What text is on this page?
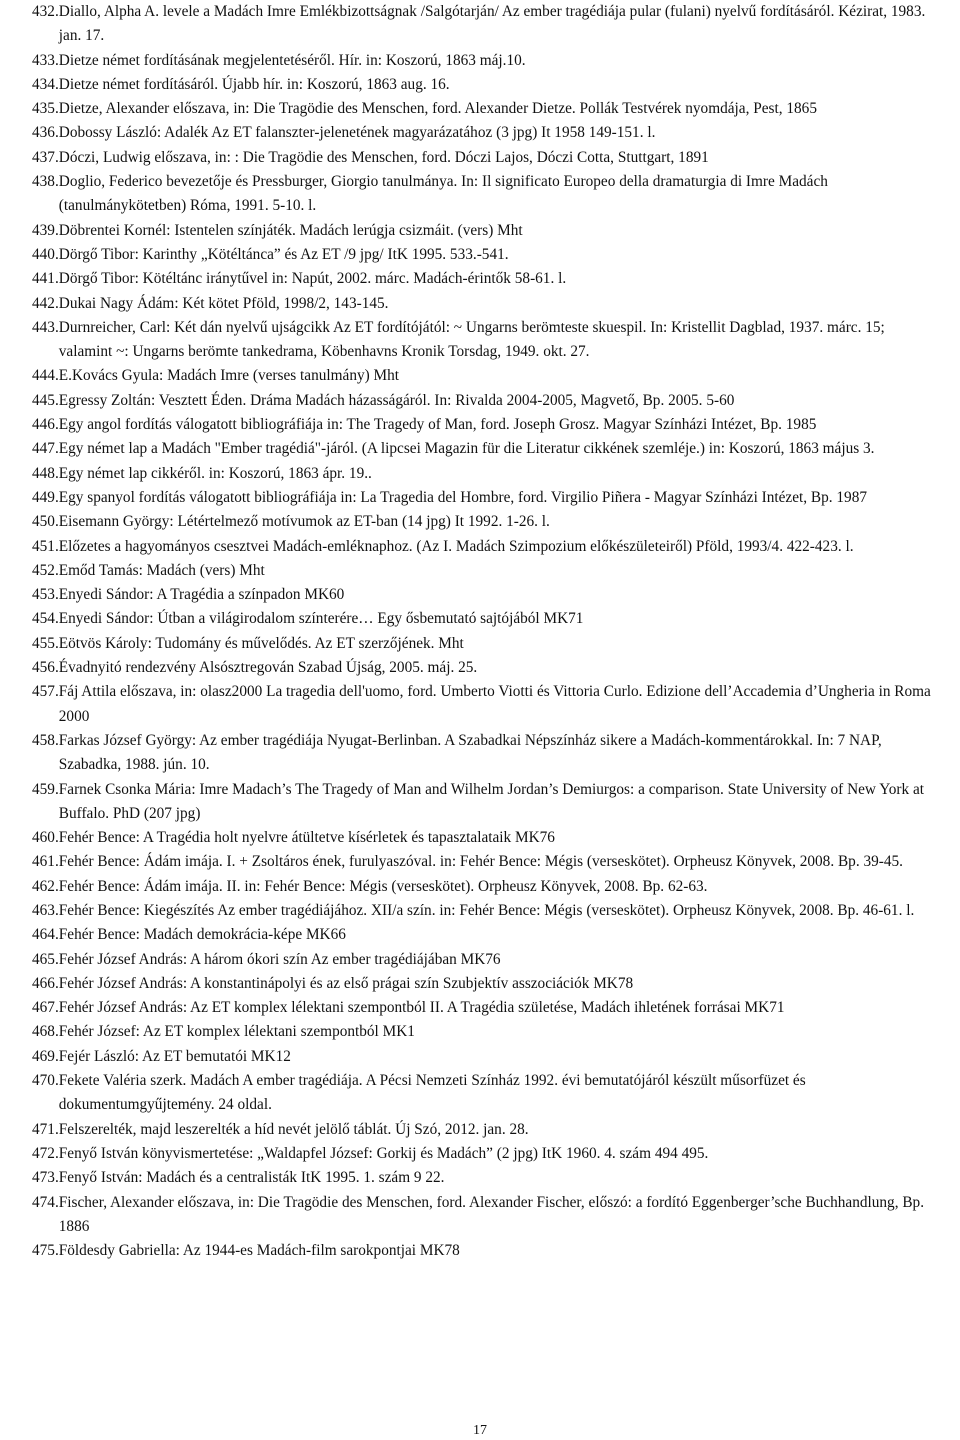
432. Diallo, Alpha A. levele a Madách Imre Emlékbizottságnak /Salgótarján/ Az ember tragédiája pular (fulani) nyelvű fordításáról. Kézirat, 1983. jan. 17.
433. Dietze német fordításának megjelentetéséről. Hír. in: Koszorú, 1863 máj.10.
434. Dietze német fordításáról. Újabb hír. in: Koszorú, 1863 aug. 16.
435. Dietze, Alexander előszava, in: Die Tragödie des Menschen, ford. Alexander Dietze. Pollák Testvérek nyomdája, Pest, 1865
436. Dobossy László: Adalék Az ET falanszter-jelenetének magyarázatához (3 jpg) It 1958 149-151. l.
437. Dóczi, Ludwig előszava, in: : Die Tragödie des Menschen, ford. Dóczi Lajos, Dóczi Cotta, Stuttgart, 1891
438. Doglio, Federico bevezetője és Pressburger, Giorgio tanulmánya. In: Il significato Europeo della dramaturgia di Imre Madách (tanulmánykötetben) Róma, 1991. 5-10. l.
439. Döbrentei Kornél: Istentelen színjáték. Madách lerúgja csizmáit. (vers) Mht
440. Dörgő Tibor: Karinthy „Kötéltánca” és Az ET /9 jpg/ ItK 1995. 533.-541.
441. Dörgő Tibor: Kötéltánc iránytűvel in: Napút, 2002. márc. Madách-érintők 58-61. l.
442. Dukai Nagy Ádám: Két kötet Pföld, 1998/2, 143-145.
443. Durnreicher, Carl: Két dán nyelvű ujságcikk Az ET fordítójától: ~ Ungarns berömteste skuespil. In: Kristellit Dagblad, 1937. márc. 15; valamint ~: Ungarns berömte tankedrama, Köbenhavns Kronik Torsdag, 1949. okt. 27.
444. E.Kovács Gyula: Madách Imre (verses tanulmány) Mht
445. Egressy Zoltán: Vesztett Éden. Dráma Madách házasságáról. In: Rivalda 2004-2005, Magvető, Bp. 2005. 5-60
446. Egy angol fordítás válogatott bibliográfiája in: The Tragedy of Man, ford. Joseph Grosz. Magyar Színházi Intézet, Bp. 1985
447. Egy német lap a Madách "Ember tragédiá"-járól. (A lipcsei Magazin für die Literatur cikkének szemléje.) in: Koszorú, 1863 május 3.
448. Egy német lap cikkéről. in: Koszorú, 1863 ápr. 19..
449. Egy spanyol fordítás válogatott bibliográfiája in: La Tragedia del Hombre, ford. Virgilio Piñera - Magyar Színházi Intézet, Bp. 1987
450. Eisemann György: Létértelmező motívumok az ET-ban (14 jpg) It 1992. 1-26. l.
451. Előzetes a hagyományos csesztvei Madách-emléknaphoz. (Az I. Madách Szimpozium előkészületeiről) Pföld, 1993/4. 422-423. l.
452. Emőd Tamás: Madách (vers) Mht
453. Enyedi Sándor: A Tragédia a színpadon MK60
454. Enyedi Sándor: Útban a világirodalom színterére… Egy ősbemutató sajtójából MK71
455. Eötvös Károly: Tudomány és művelődés. Az ET szerzőjének. Mht
456. Évadnyitó rendezvény Alsósztregován Szabad Újság, 2005. máj. 25.
457. Fáj Attila előszava, in: olasz2000 La tragedia dell'uomo, ford. Umberto Viotti és Vittoria Curlo. Edizione dell’Accademia d’Ungheria in Roma 2000
458. Farkas József György: Az ember tragédiája Nyugat-Berlinban. A Szabadkai Népszínház sikere a Madách-kommentárokkal. In: 7 NAP, Szabadka, 1988. jún. 10.
459. Farnek Csonka Mária: Imre Madach’s The Tragedy of Man and Wilhelm Jordan’s Demiurgos: a comparison. State University of New York at Buffalo. PhD (207 jpg)
460. Fehér Bence: A Tragédia holt nyelvre átültetve kísérletek és tapasztalataik MK76
461. Fehér Bence: Ádám imája. I. + Zsoltáros ének, furulyaszóval. in: Fehér Bence: Mégis (verseskötet). Orpheusz Könyvek, 2008. Bp. 39-45.
462. Fehér Bence: Ádám imája. II. in: Fehér Bence: Mégis (verseskötet). Orpheusz Könyvek, 2008. Bp. 62-63.
463. Fehér Bence: Kiegészítés Az ember tragédiájához. XII/a szín. in: Fehér Bence: Mégis (verseskötet). Orpheusz Könyvek, 2008. Bp. 46-61. l.
464. Fehér Bence: Madách demokrácia-képe MK66
465. Fehér József András: A három ókori szín Az ember tragédiájában MK76
466. Fehér József András: A konstantinápolyi és az első prágai szín Szubjektív asszociációk MK78
467. Fehér József András: Az ET komplex lélektani szempontból II. A Tragédia születése, Madách ihletének forrásai MK71
468. Fehér József: Az ET komplex lélektani szempontból MK1
469. Fejér László: Az ET bemutatói MK12
470. Fekete Valéria szerk. Madách A ember tragédiája. A Pécsi Nemzeti Színház 1992. évi bemutatójáról készült műsorfüzet és dokumentumgyűjtemény. 24 oldal.
471. Felszerelték, majd leszerelték a híd nevét jelölő táblát. Új Szó, 2012. jan. 28.
472. Fenyő István könyvismertetése: „Waldapfel József: Gorkij és Madách” (2 jpg) ItK 1960. 4. szám 494 495.
473. Fenyő István: Madách és a centralisták ItK 1995. 1. szám 9 22.
474. Fischer, Alexander előszava, in: Die Tragödie des Menschen, ford. Alexander Fischer, előszó: a fordító Eggenberger’sche Buchhandlung, Bp. 1886
475. Földesdy Gabriella: Az 1944-es Madách-film sarokpontjai MK78
17
